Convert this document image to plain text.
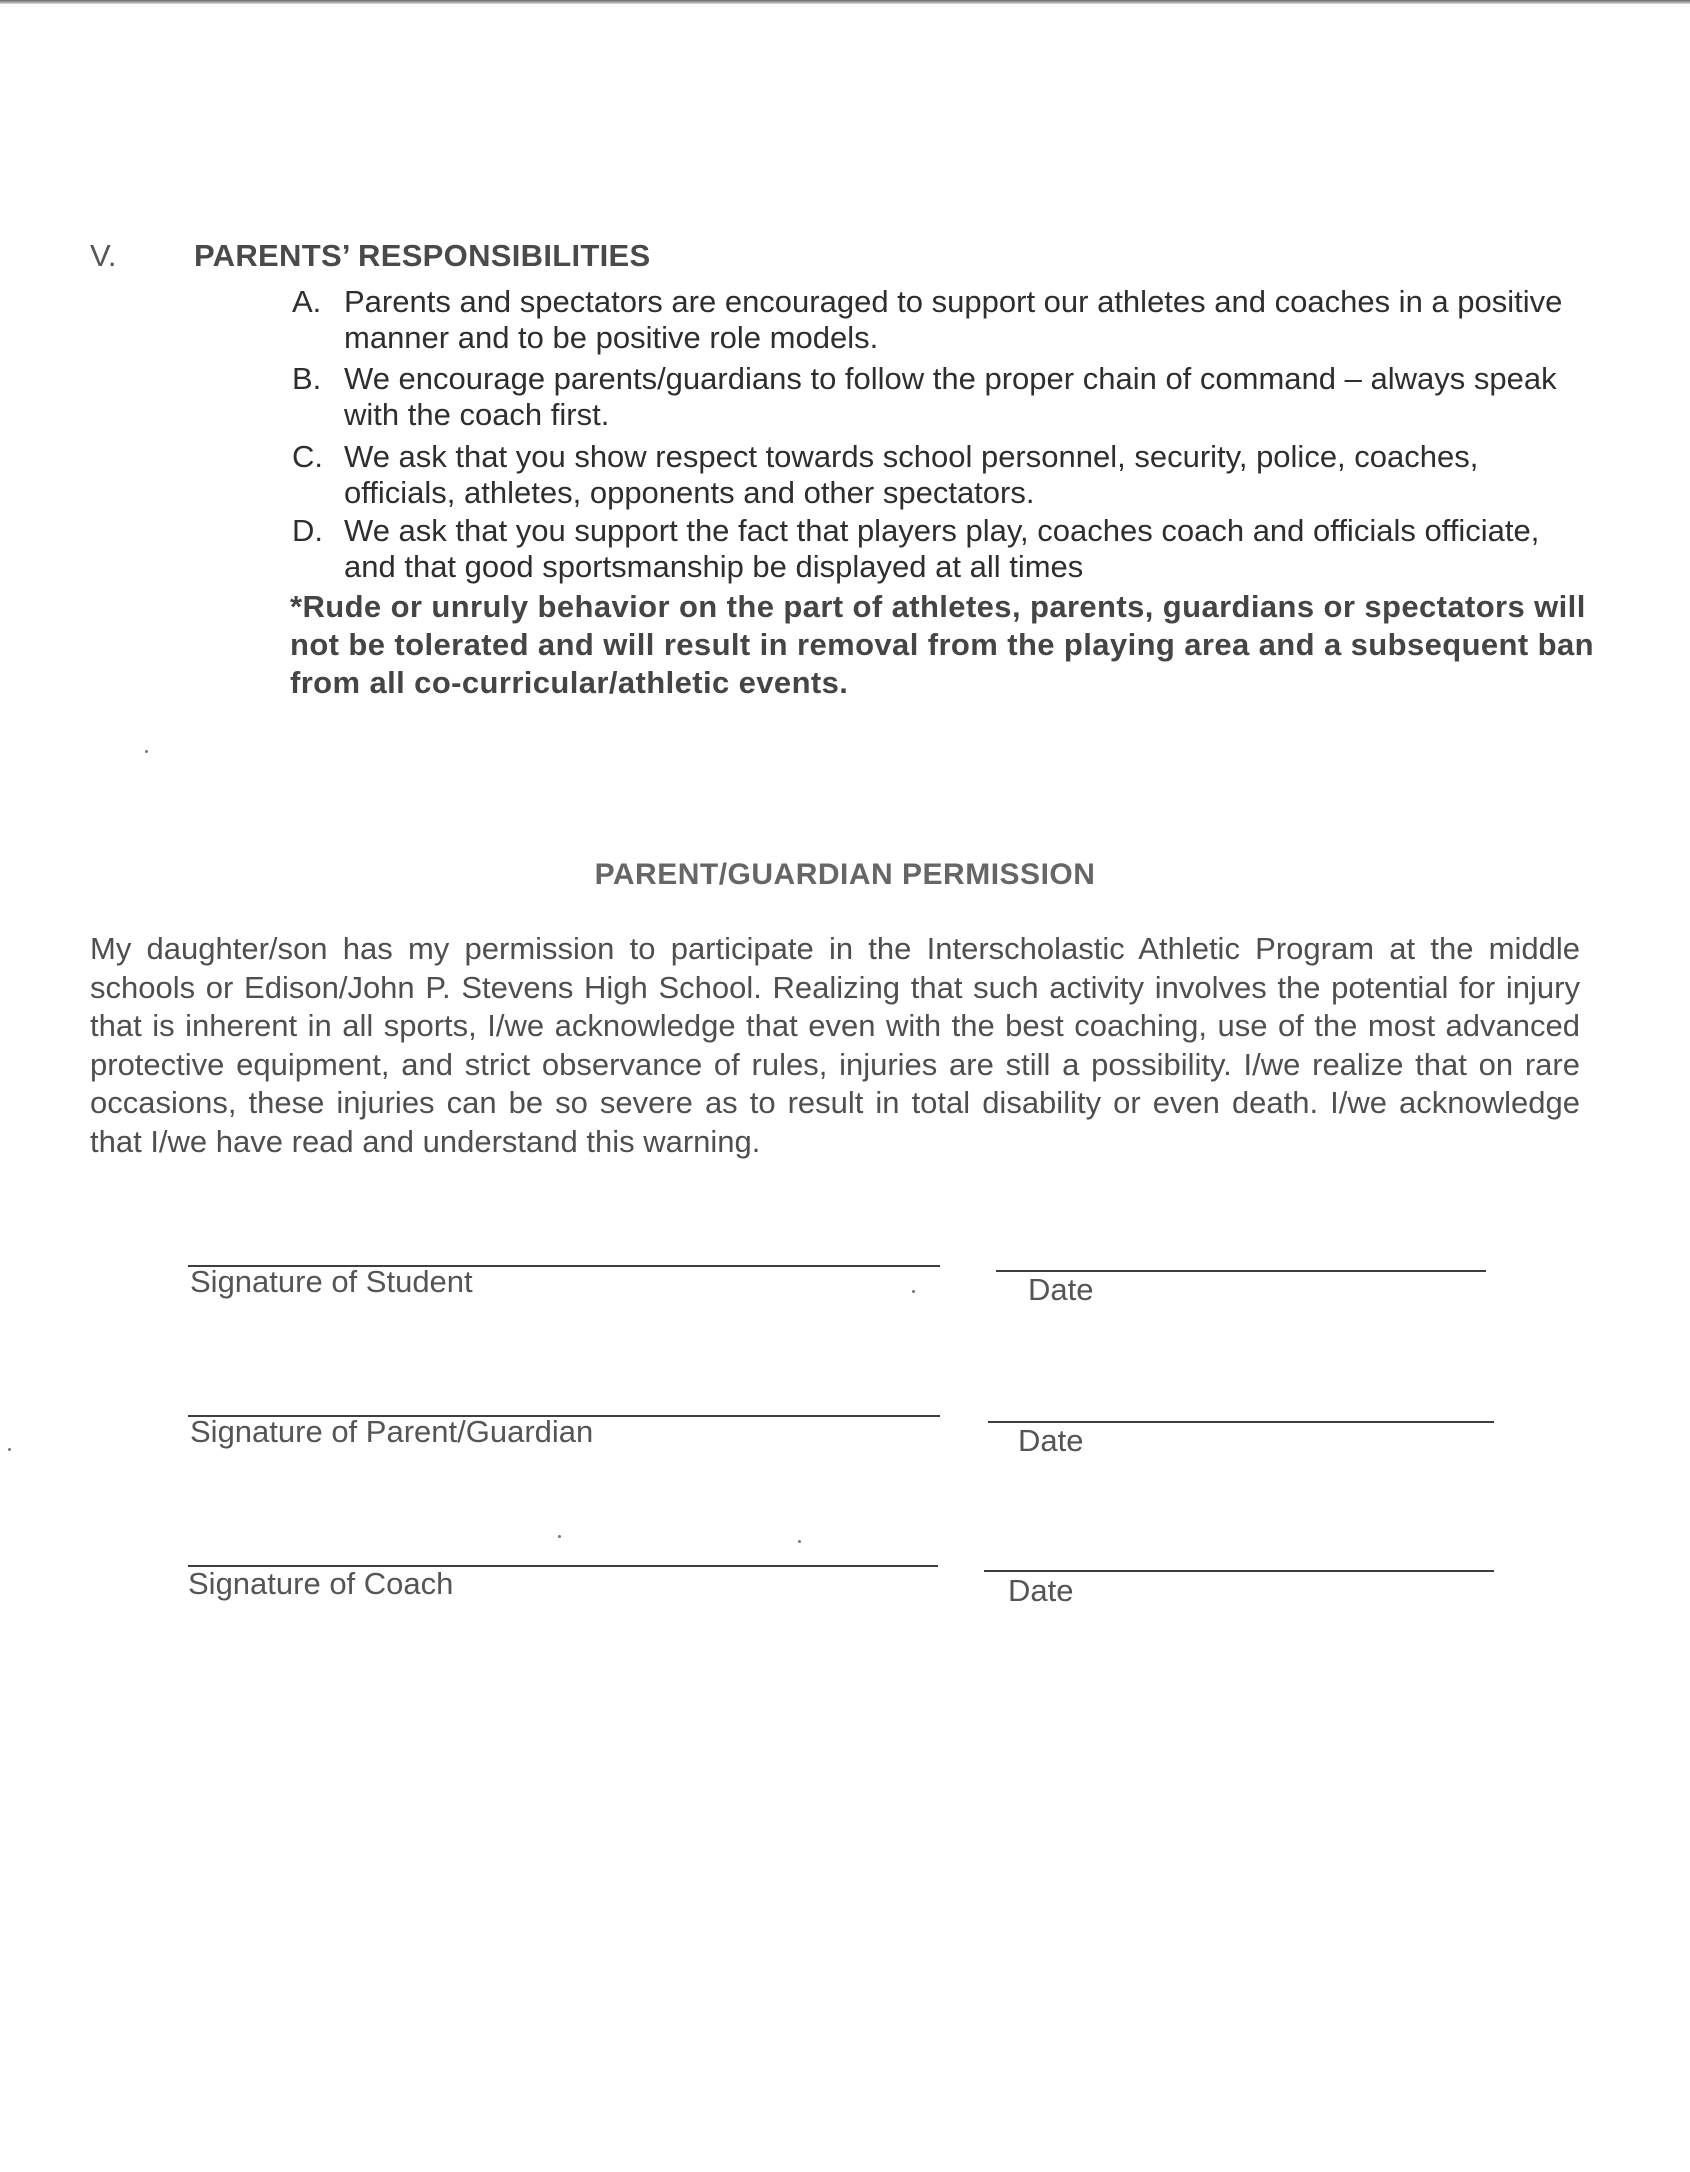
V.	PARENTS’ RESPONSIBILITIES
A. Parents and spectators are encouraged to support our athletes and coaches in a positive manner and to be positive role models.
B. We encourage parents/guardians to follow the proper chain of command – always speak with the coach first.
C. We ask that you show respect towards school personnel, security, police, coaches, officials, athletes, opponents and other spectators.
D. We ask that you support the fact that players play, coaches coach and officials officiate, and that good sportsmanship be displayed at all times
*Rude or unruly behavior on the part of athletes, parents, guardians or spectators will not be tolerated and will result in removal from the playing area and a subsequent ban from all co-curricular/athletic events.
PARENT/GUARDIAN PERMISSION
My daughter/son has my permission to participate in the Interscholastic Athletic Program at the middle schools or Edison/John P. Stevens High School. Realizing that such activity involves the potential for injury that is inherent in all sports, I/we acknowledge that even with the best coaching, use of the most advanced protective equipment, and strict observance of rules, injuries are still a possibility. I/we realize that on rare occasions, these injuries can be so severe as to result in total disability or even death. I/we acknowledge that I/we have read and understand this warning.
Signature of Student	Date
Signature of Parent/Guardian	Date
Signature of Coach	Date
